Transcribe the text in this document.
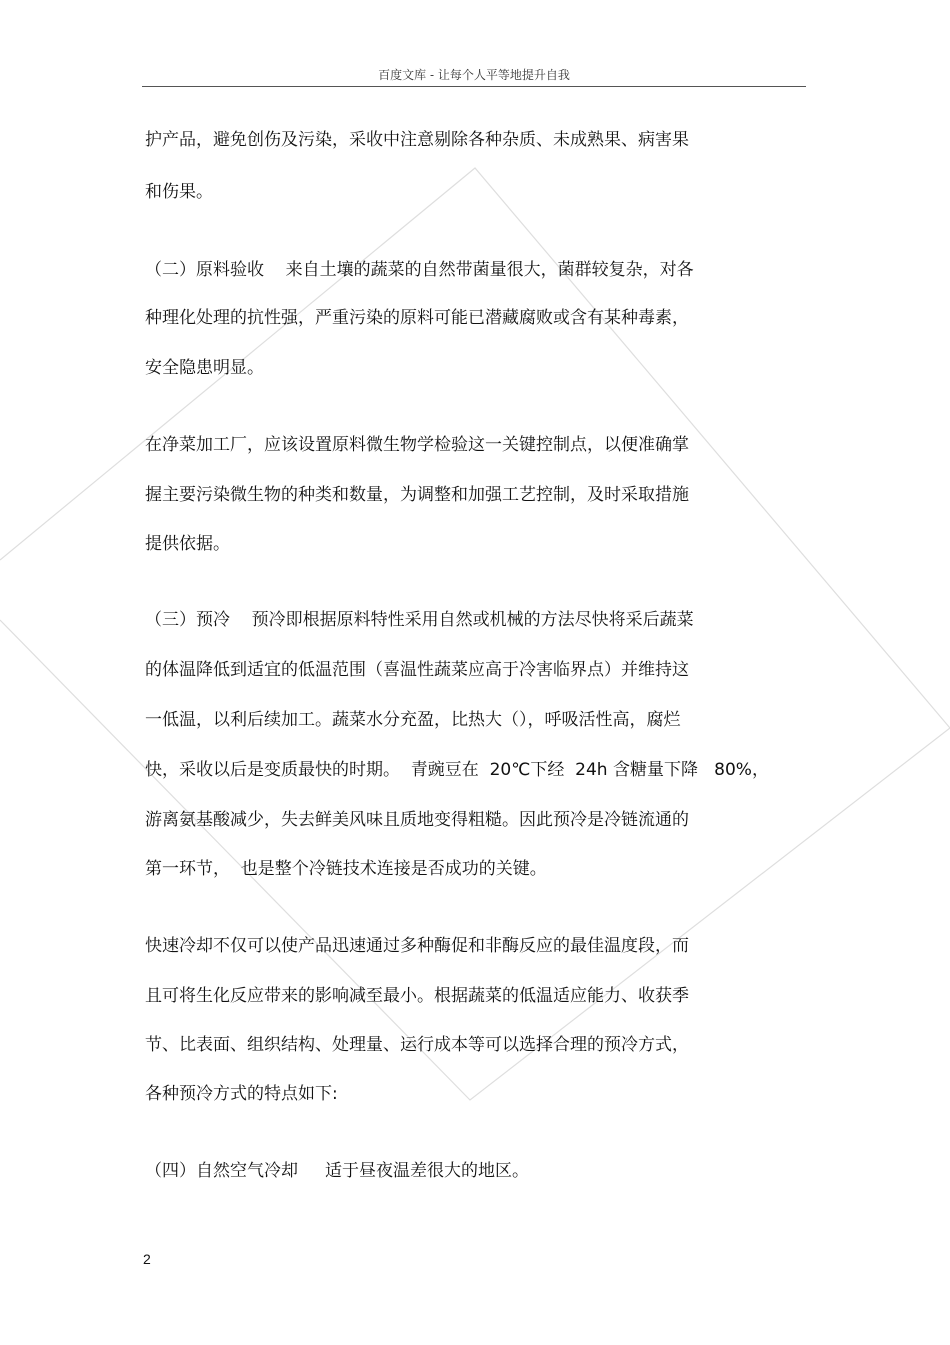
百度文库 - 让每个人平等地提升自我
护产品，避免创伤及污染，采收中注意剔除各种杂质、未成熟果、病害果
和伤果。
（二）原料验收    来自土壤的蔬菜的自然带菌量很大，菌群较复杂，对各
种理化处理的抗性强，严重污染的原料可能已潜藏腐败或含有某种毒素，
安全隐患明显。
在净菜加工厂，应该设置原料微生物学检验这一关键控制点，以便准确掌
握主要污染微生物的种类和数量，为调整和加强工艺控制，及时采取措施
提供依据。
（三）预冷    预冷即根据原料特性采用自然或机械的方法尽快将采后蔬菜
的体温降低到适宜的低温范围（喜温性蔬菜应高于冷害临界点）并维持这
一低温，以利后续加工。蔬菜水分充盈，比热大（），呼吸活性高，腐烂
快，采收以后是变质最快的时期。  青豌豆在  20℃下经  24h 含糖量下降   80%，
游离氨基酸减少，失去鲜美风味且质地变得粗糙。因此预冷是冷链流通的
第一环节，  也是整个冷链技术连接是否成功的关键。
快速冷却不仅可以使产品迅速通过多种酶促和非酶反应的最佳温度段，而
且可将生化反应带来的影响减至最小。根据蔬菜的低温适应能力、收获季
节、比表面、组织结构、处理量、运行成本等可以选择合理的预冷方式，
各种预冷方式的特点如下:
（四）自然空气冷却     适于昼夜温差很大的地区。
2
